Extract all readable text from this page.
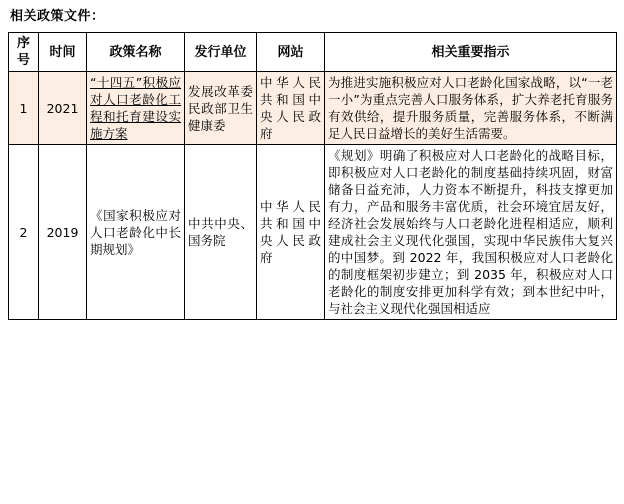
相关政策文件：
序号	时间	政策名称	发行单位	网站	相关重要指示
1	2021	“十四五”积极应对人口老龄化工程和托育建设实施方案	发展改革委民政部卫生健康委	中华人民共和国中央人民政府	为推进实施积极应对人口老龄化国家战略，以“一老一小”为重点完善人口服务体系，扩大养老托育服务有效供给，提升服务质量，完善服务体系，不断满足人民日益增长的美好生活需要。

2	2019	《国家积极应对人口老龄化中长期规划》	中共中央、国务院	中华人民共和国中央人民政府	《规划》明确了积极应对人口老龄化的战略目标，即积极应对人口老龄化的制度基础持续巩固，财富储备日益充沛，人力资本不断提升，科技支撑更加有力，产品和服务丰富优质，社会环境宜居友好，经济社会发展始终与人口老龄化进程相适应，顺利建成社会主义现代化强国，实现中华民族伟大复兴的中国梦。到 2022 年，我国积极应对人口老龄化的制度框架初步建立；到 2035 年，积极应对人口老龄化的制度安排更加科学有效；到本世纪中叶，与社会主义现代化强国相适应
